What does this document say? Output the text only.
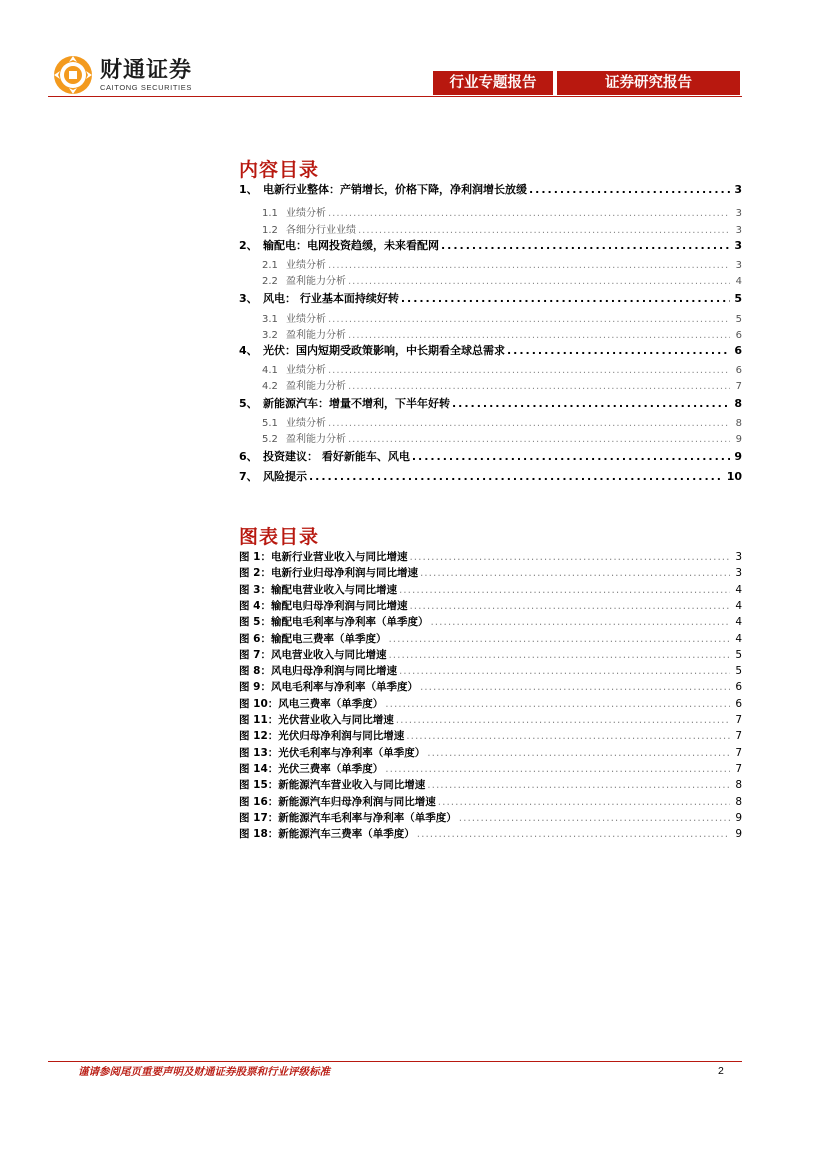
财通证券
CAITONG SECURITIES	行业专题报告	证券研究报告
内容目录
1、 电新行业整体：产销增长，价格下降，净利润增长放缓 .....	3
1.1 业绩分析 .....	3
1.2 各细分行业业绩 .....	3
2、 输配电：电网投资趋缓，未来看配网 .....	3
2.1 业绩分析 .....	3
2.2 盈利能力分析 .....	4
3、 风电： 行业基本面持续好转 .....	5
3.1 业绩分析 .....	5
3.2 盈利能力分析 .....	6
4、 光伏：国内短期受政策影响，中长期看全球总需求 .....	6
4.1 业绩分析 .....	6
4.2 盈利能力分析 .....	7
5、 新能源汽车：增量不增利，下半年好转 .....	8
5.1 业绩分析 .....	8
5.2 盈利能力分析 .....	9
6、 投资建议： 看好新能车、风电 .....	9
7、 风险提示 .....	10
图表目录
图 1： 电新行业营业收入与同比增速 .....	3
图 2： 电新行业归母净利润与同比增速 .....	3
图 3： 输配电营业收入与同比增速 .....	4
图 4： 输配电归母净利润与同比增速 .....	4
图 5： 输配电毛利率与净利率（单季度） .....	4
图 6： 输配电三费率（单季度） .....	4
图 7： 风电营业收入与同比增速 .....	5
图 8： 风电归母净利润与同比增速 .....	5
图 9： 风电毛利率与净利率（单季度） .....	6
图 10： 风电三费率（单季度） .....	6
图 11： 光伏营业收入与同比增速 .....	7
图 12： 光伏归母净利润与同比增速 .....	7
图 13： 光伏毛利率与净利率（单季度） .....	7
图 14： 光伏三费率（单季度） .....	7
图 15： 新能源汽车营业收入与同比增速 .....	8
图 16： 新能源汽车归母净利润与同比增速 .....	8
图 17： 新能源汽车毛利率与净利率（单季度） .....	9
图 18： 新能源汽车三费率（单季度） .....	9
谨请参阅尾页重要声明及财通证券股票和行业评级标准	2
